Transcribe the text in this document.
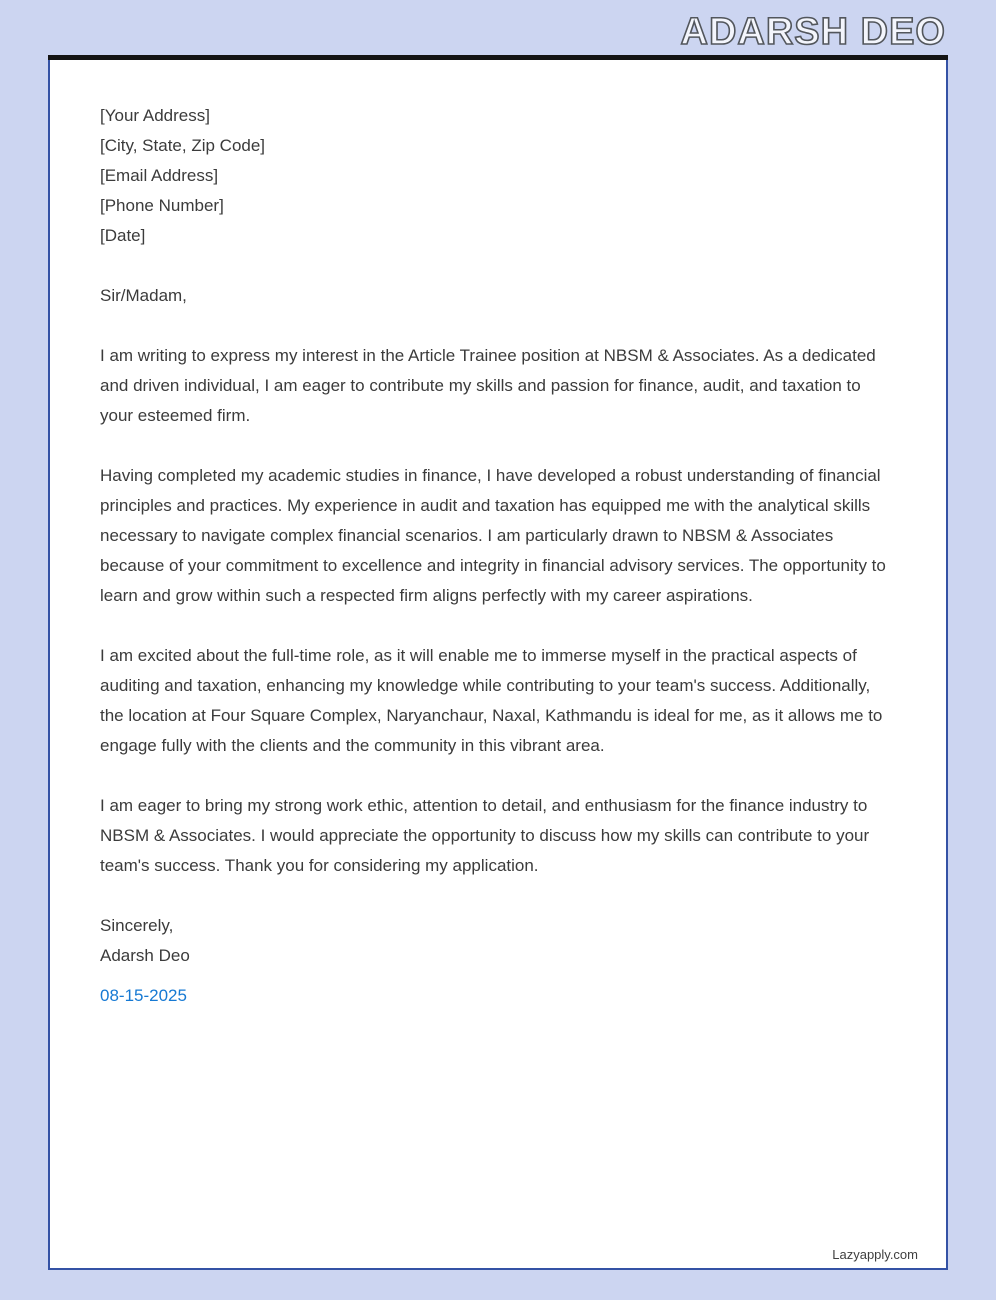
ADARSH DEO
[Your Address]
[City, State, Zip Code]
[Email Address]
[Phone Number]
[Date]
Sir/Madam,

I am writing to express my interest in the Article Trainee position at NBSM & Associates. As a dedicated and driven individual, I am eager to contribute my skills and passion for finance, audit, and taxation to your esteemed firm.

Having completed my academic studies in finance, I have developed a robust understanding of financial principles and practices. My experience in audit and taxation has equipped me with the analytical skills necessary to navigate complex financial scenarios. I am particularly drawn to NBSM & Associates because of your commitment to excellence and integrity in financial advisory services. The opportunity to learn and grow within such a respected firm aligns perfectly with my career aspirations.

I am excited about the full-time role, as it will enable me to immerse myself in the practical aspects of auditing and taxation, enhancing my knowledge while contributing to your team's success. Additionally, the location at Four Square Complex, Naryanchaur, Naxal, Kathmandu is ideal for me, as it allows me to engage fully with the clients and the community in this vibrant area.

I am eager to bring my strong work ethic, attention to detail, and enthusiasm for the finance industry to NBSM & Associates. I would appreciate the opportunity to discuss how my skills can contribute to your team's success. Thank you for considering my application.

Sincerely,
Adarsh Deo
08-15-2025
Lazyapply.com
